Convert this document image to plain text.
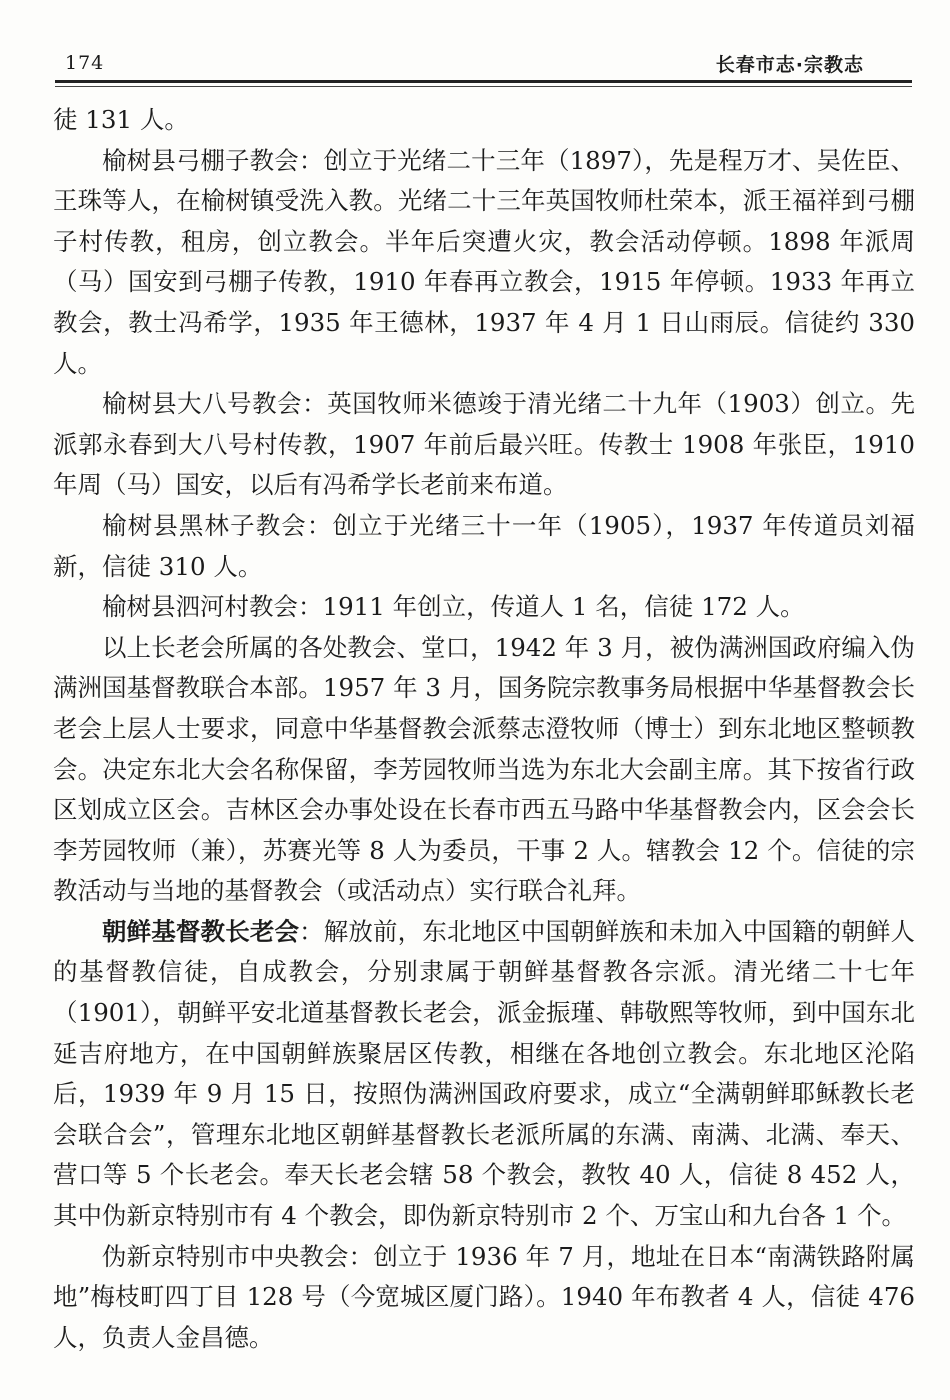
174	长春市志·宗教志

徒 131 人。

榆树县弓棚子教会：创立于光绪二十三年（1897），先是程万才、吴佐臣、王珠等人，在榆树镇受洗入教。光绪二十三年英国牧师杜荣本，派王福祥到弓棚子村传教，租房，创立教会。半年后突遭火灾，教会活动停顿。1898 年派周（马）国安到弓棚子传教，1910 年春再立教会，1915 年停顿。1933 年再立教会，教士冯希学，1935 年王德林，1937 年 4 月 1 日山雨辰。信徒约 330 人。

榆树县大八号教会：英国牧师米德竣于清光绪二十九年（1903）创立。先派郭永春到大八号村传教，1907 年前后最兴旺。传教士 1908 年张臣，1910 年周（马）国安，以后有冯希学长老前来布道。

榆树县黑林子教会：创立于光绪三十一年（1905），1937 年传道员刘福新，信徒 310 人。

榆树县泗河村教会：1911 年创立，传道人 1 名，信徒 172 人。

以上长老会所属的各处教会、堂口，1942 年 3 月，被伪满洲国政府编入伪满洲国基督教联合本部。1957 年 3 月，国务院宗教事务局根据中华基督教会长老会上层人士要求，同意中华基督教会派蔡志澄牧师（博士）到东北地区整顿教会。决定东北大会名称保留，李芳园牧师当选为东北大会副主席。其下按省行政区划成立区会。吉林区会办事处设在长春市西五马路中华基督教会内，区会会长李芳园牧师（兼），苏赛光等 8 人为委员，干事 2 人。辖教会 12 个。信徒的宗教活动与当地的基督教会（或活动点）实行联合礼拜。

朝鲜基督教长老会：解放前，东北地区中国朝鲜族和未加入中国籍的朝鲜人的基督教信徒，自成教会，分别隶属于朝鲜基督教各宗派。清光绪二十七年（1901），朝鲜平安北道基督教长老会，派金振瑾、韩敬熙等牧师，到中国东北延吉府地方，在中国朝鲜族聚居区传教，相继在各地创立教会。东北地区沦陷后，1939 年 9 月 15 日，按照伪满洲国政府要求，成立“全满朝鲜耶稣教长老会联合会”，管理东北地区朝鲜基督教长老派所属的东满、南满、北满、奉天、营口等 5 个长老会。奉天长老会辖 58 个教会，教牧 40 人，信徒 8 452 人，其中伪新京特别市有 4 个教会，即伪新京特别市 2 个、万宝山和九台各 1 个。

伪新京特别市中央教会：创立于 1936 年 7 月，地址在日本“南满铁路附属地”梅枝町四丁目 128 号（今宽城区厦门路）。1940 年布教者 4 人，信徒 476 人，负责人金昌德。
